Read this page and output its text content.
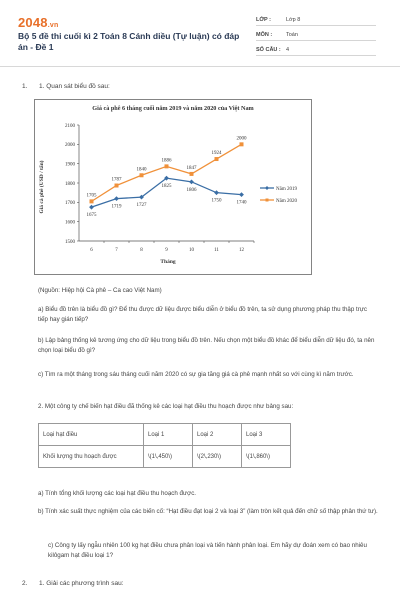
2048.vn
Bộ 5 đề thi cuối kì 2 Toán 8 Cánh diều (Tự luận) có đáp án - Đề 1
LỚP :	Lớp 8
MÔN :	Toán
SỐ CÂU : 4
1. 1. Quan sát biểu đồ sau:
Giá cà phê 6 tháng cuối năm 2019 và năm 2020 của Việt Nam
Tháng
Giá cà phê (USD / tấn)
1500
1600
1700
1800
1900
2000
2100
6	7	8	9	10	11	12
1675
1719	1727
1825
1806
1750	1740
1705
1787
1840
1886
1847
1924
2000
Năm 2019
Năm 2020
(Nguồn: Hiệp hội Cà phê – Ca cao Việt Nam)
a) Biểu đồ trên là biểu đồ gì? Để thu được dữ liệu được biểu diễn ở biểu đồ trên, ta sử dụng phương pháp thu thập trực tiếp hay gián tiếp?
b) Lập bảng thống kê tương ứng cho dữ liệu trong biểu đồ trên. Nếu chọn một biểu đồ khác để biểu diễn dữ liệu đó, ta nên chọn loại biểu đồ gì?
c) Tìm ra một tháng trong sáu tháng cuối năm 2020 có sự gia tăng giá cà phê mạnh nhất so với cùng kì năm trước.
2. Một công ty chế biến hạt điều đã thống kê các loại hạt điều thu hoạch được như bảng sau:
Loại hạt điều	Loại 1	Loại 2	Loại 3
Khối lượng thu hoạch được	\(1\,450\)	\(2\,230\)	\(1\,860\)
a) Tính tổng khối lượng các loại hạt điều thu hoạch được.
b) Tính xác suất thực nghiệm của các biến cố: “Hạt điều đạt loại 2 và loại 3” (làm tròn kết quả đến chữ số thập phân thứ tư).
c) Công ty lấy ngẫu nhiên 100 kg hạt điều chưa phân loại và tiến hành phân loại. Em hãy dự đoán xem có bao nhiêu kilôgam hạt điều loại 1?
2. 1. Giải các phương trình sau:
